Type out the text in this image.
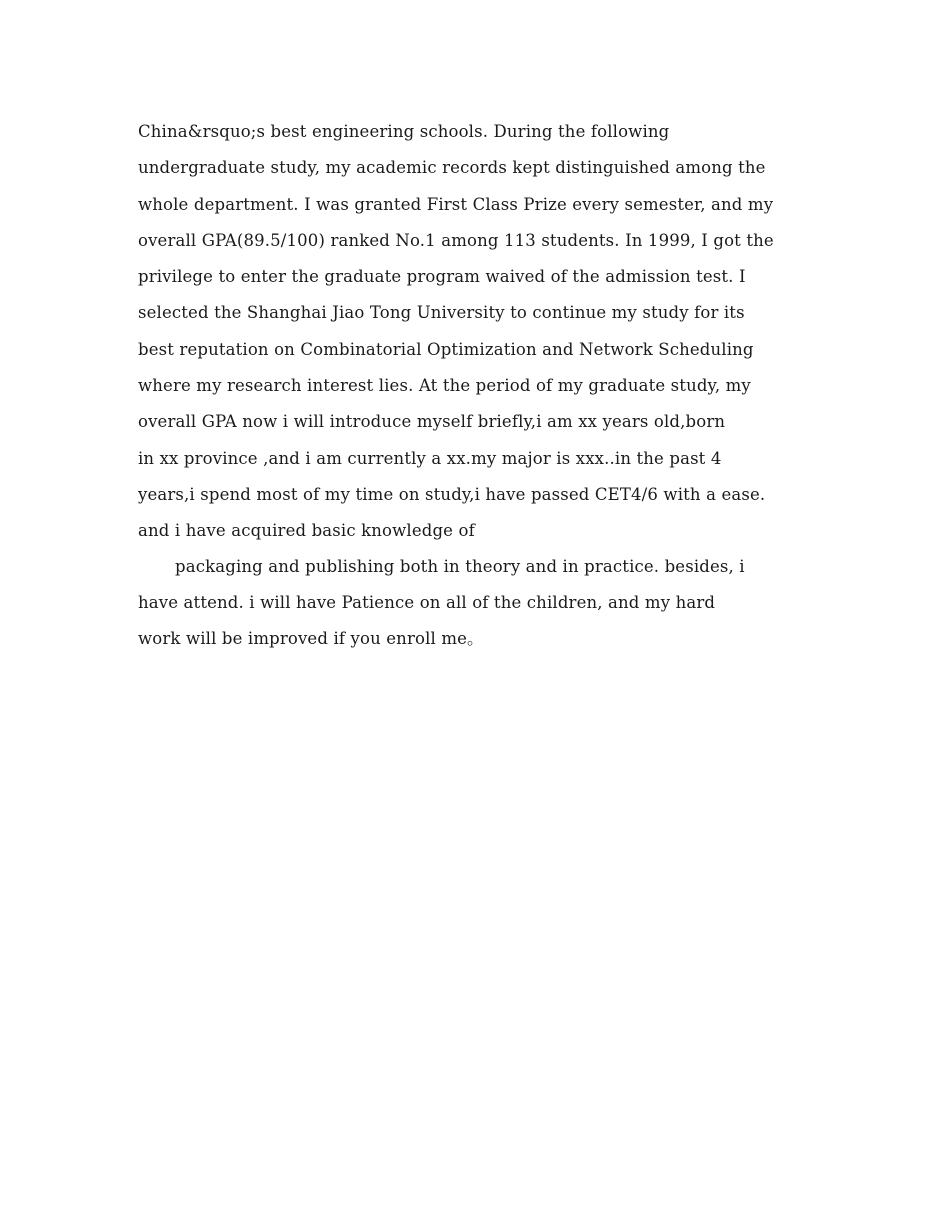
China&rsquo;s best engineering schools. During the following
undergraduate study, my academic records kept distinguished among the
whole department. I was granted First Class Prize every semester, and my
overall GPA(89.5/100) ranked No.1 among 113 students. In 1999, I got the
privilege to enter the graduate program waived of the admission test. I
selected the Shanghai Jiao Tong University to continue my study for its
best reputation on Combinatorial Optimization and Network Scheduling
where my research interest lies. At the period of my graduate study, my
overall GPA now i will introduce myself briefly,i am xx years old,born
in xx province ,and i am currently a xx.my major is xxx..in the past 4
years,i spend most of my time on study,i have passed CET4/6 with a ease.
and i have acquired basic knowledge of
packaging and publishing both in theory and in practice. besides, i
have attend. i will have Patience on all of the children, and my hard
work will be improved if you enroll me。
